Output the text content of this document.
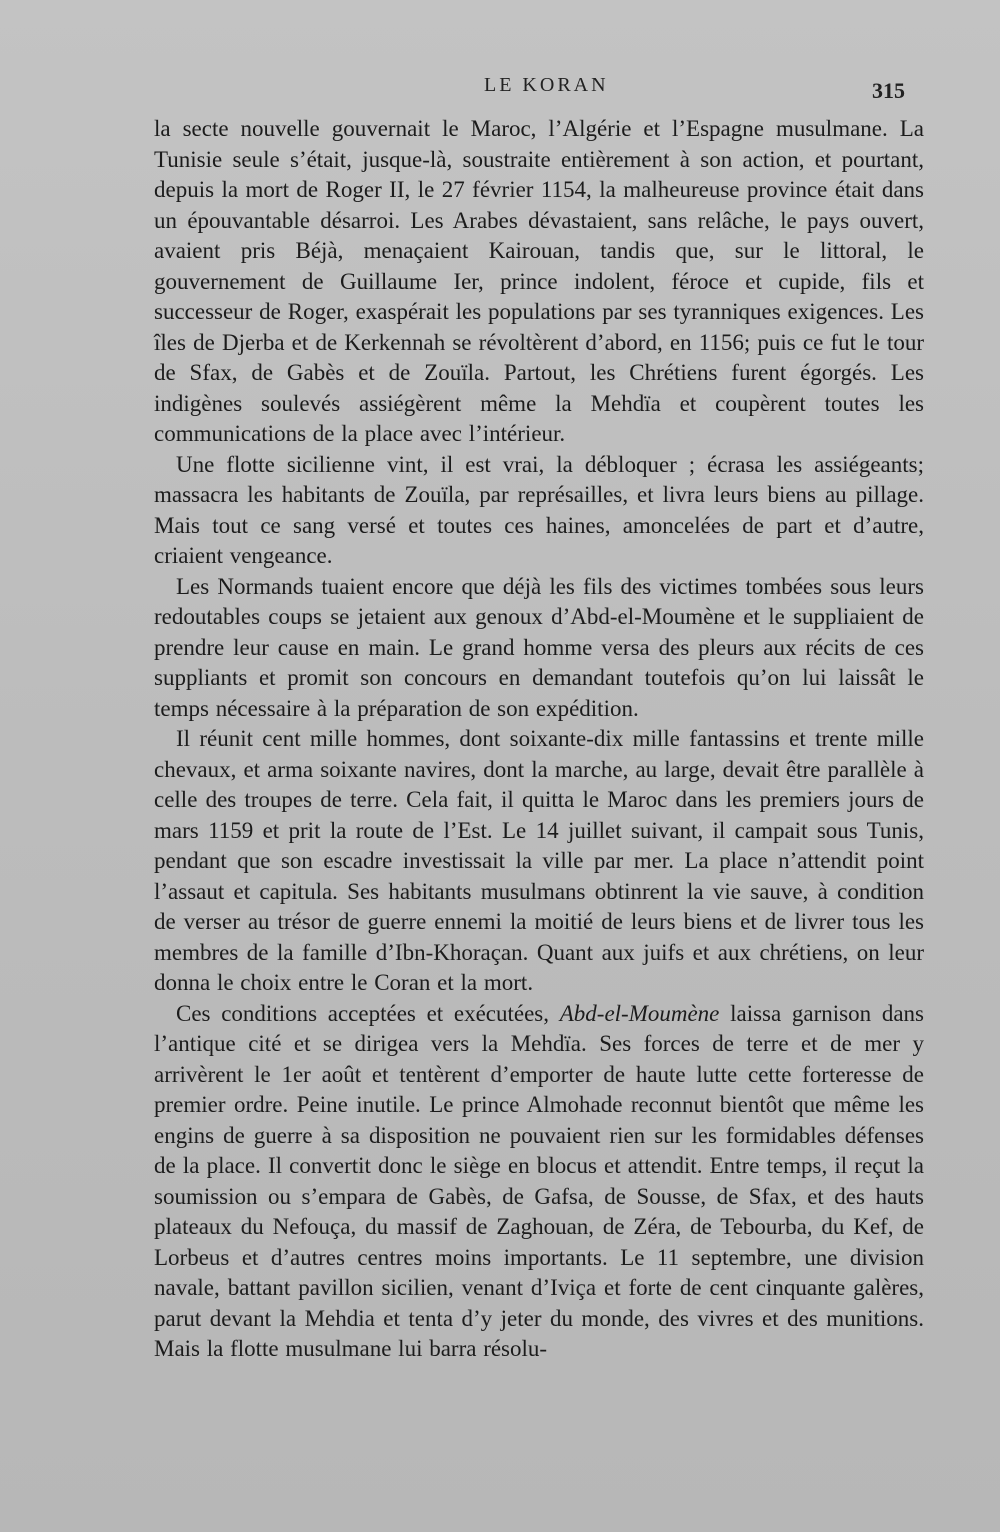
LE KORAN	315

la secte nouvelle gouvernait le Maroc, l’Algérie et l’Espagne musulmane. La Tunisie seule s’était, jusque-là, soustraite entièrement à son action, et pourtant, depuis la mort de Roger II, le 27 février 1154, la malheureuse province était dans un épouvantable désarroi. Les Arabes dévastaient, sans relâche, le pays ouvert, avaient pris Béjà, menaçaient Kairouan, tandis que, sur le littoral, le gouvernement de Guillaume Ier, prince indolent, féroce et cupide, fils et successeur de Roger, exaspérait les populations par ses tyranniques exigences. Les îles de Djerba et de Kerkennah se révoltèrent d’abord, en 1156; puis ce fut le tour de Sfax, de Gabès et de Zouïla. Partout, les Chrétiens furent égorgés. Les indigènes soulevés assiégèrent même la Mehdïa et coupèrent toutes les communications de la place avec l’intérieur.

Une flotte sicilienne vint, il est vrai, la débloquer ; écrasa les assiégeants; massacra les habitants de Zouïla, par représailles, et livra leurs biens au pillage. Mais tout ce sang versé et toutes ces haines, amoncelées de part et d’autre, criaient vengeance.

Les Normands tuaient encore que déjà les fils des victimes tombées sous leurs redoutables coups se jetaient aux genoux d’Abd-el-Moumène et le suppliaient de prendre leur cause en main. Le grand homme versa des pleurs aux récits de ces suppliants et promit son concours en demandant toutefois qu’on lui laissât le temps nécessaire à la préparation de son expédition.

Il réunit cent mille hommes, dont soixante-dix mille fantassins et trente mille chevaux, et arma soixante navires, dont la marche, au large, devait être parallèle à celle des troupes de terre. Cela fait, il quitta le Maroc dans les premiers jours de mars 1159 et prit la route de l’Est. Le 14 juillet suivant, il campait sous Tunis, pendant que son escadre investissait la ville par mer. La place n’attendit point l’assaut et capitula. Ses habitants musulmans obtinrent la vie sauve, à condition de verser au trésor de guerre ennemi la moitié de leurs biens et de livrer tous les membres de la famille d’Ibn-Khoraçan. Quant aux juifs et aux chrétiens, on leur donna le choix entre le Coran et la mort.

Ces conditions acceptées et exécutées, Abd-el-Moumène laissa garnison dans l’antique cité et se dirigea vers la Mehdïa. Ses forces de terre et de mer y arrivèrent le 1er août et tentèrent d’emporter de haute lutte cette forteresse de premier ordre. Peine inutile. Le prince Almohade reconnut bientôt que même les engins de guerre à sa disposition ne pouvaient rien sur les formidables défenses de la place. Il convertit donc le siège en blocus et attendit. Entre temps, il reçut la soumission ou s’empara de Gabès, de Gafsa, de Sousse, de Sfax, et des hauts plateaux du Nefouça, du massif de Zaghouan, de Zéra, de Tebourba, du Kef, de Lorbeus et d’autres centres moins importants. Le 11 septembre, une division navale, battant pavillon sicilien, venant d’Iviça et forte de cent cinquante galères, parut devant la Mehdia et tenta d’y jeter du monde, des vivres et des munitions. Mais la flotte musulmane lui barra résolu-
